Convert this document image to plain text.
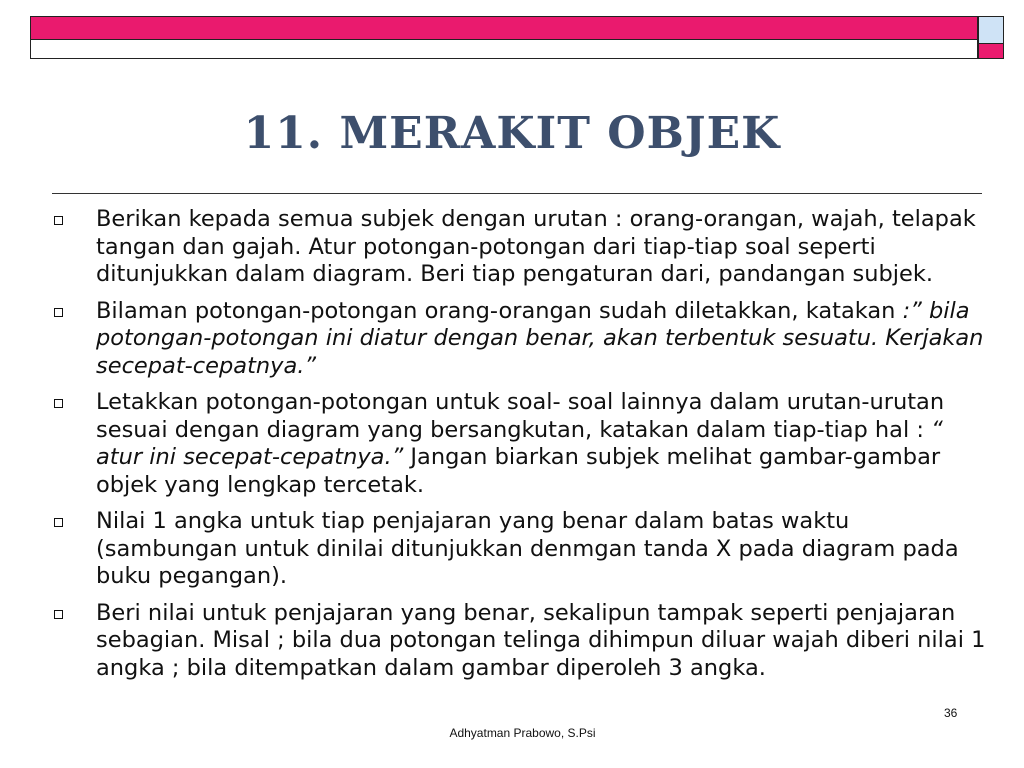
11. MERAKIT OBJEK
Berikan kepada semua subjek dengan urutan : orang-orangan, wajah, telapak tangan dan gajah. Atur potongan-potongan dari tiap-tiap soal seperti ditunjukkan dalam diagram. Beri tiap pengaturan dari, pandangan subjek.
Bilaman potongan-potongan orang-orangan sudah diletakkan, katakan :” bila potongan-potongan ini diatur dengan benar, akan terbentuk sesuatu. Kerjakan secepat-cepatnya.”
Letakkan potongan-potongan untuk soal- soal lainnya dalam urutan-urutan sesuai dengan diagram yang bersangkutan, katakan dalam tiap-tiap hal : “ atur ini secepat-cepatnya.” Jangan biarkan subjek melihat gambar-gambar objek yang lengkap tercetak.
Nilai 1 angka untuk tiap penjajaran yang benar dalam batas waktu (sambungan untuk dinilai ditunjukkan denmgan tanda X pada diagram pada buku pegangan).
Beri nilai untuk penjajaran yang benar, sekalipun tampak seperti penjajaran sebagian. Misal ; bila dua potongan telinga dihimpun diluar wajah diberi nilai 1 angka ; bila ditempatkan dalam gambar diperoleh 3 angka.
36
Adhyatman Prabowo, S.Psi
